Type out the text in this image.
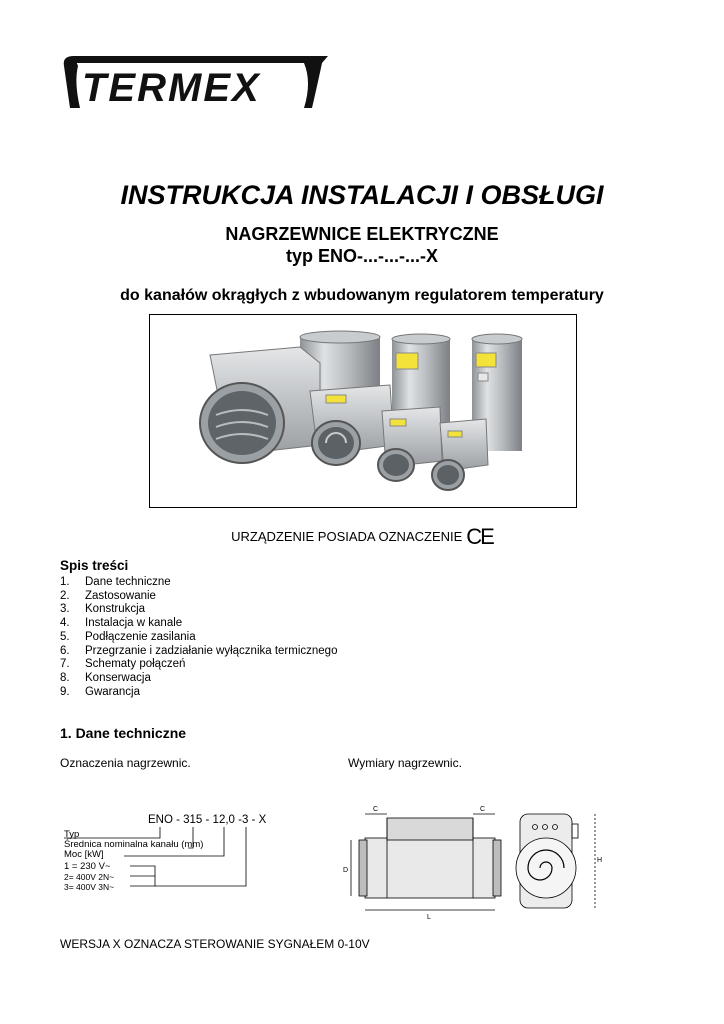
TERMEX
INSTRUKCJA INSTALACJI I OBSŁUGI
NAGRZEWNICE ELEKTRYCZNE
typ ENO-...-...-...-X
do kanałów okrągłych z wbudowanym regulatorem temperatury
URZĄDZENIE POSIADA OZNACZENIE CE
Spis treści
1. Dane techniczne
2. Zastosowanie
3. Konstrukcja
4. Instalacja w kanale
5. Podłączenie zasilania
6. Przegrzanie i zadziałanie wyłącznika termicznego
7. Schematy połączeń
8. Konserwacja
9. Gwarancja
1. Dane techniczne
Oznaczenia nagrzewnic.	Wymiary nagrzewnic.
ENO - 315 - 12,0 -3 - X
Typ
Średnica nominalna kanału (mm)
Moc [kW]
1 = 230 V~
2= 400V 2N~
3= 400V 3N~
C	C
D
L
H
WERSJA X OZNACZA STEROWANIE SYGNAŁEM 0-10V
